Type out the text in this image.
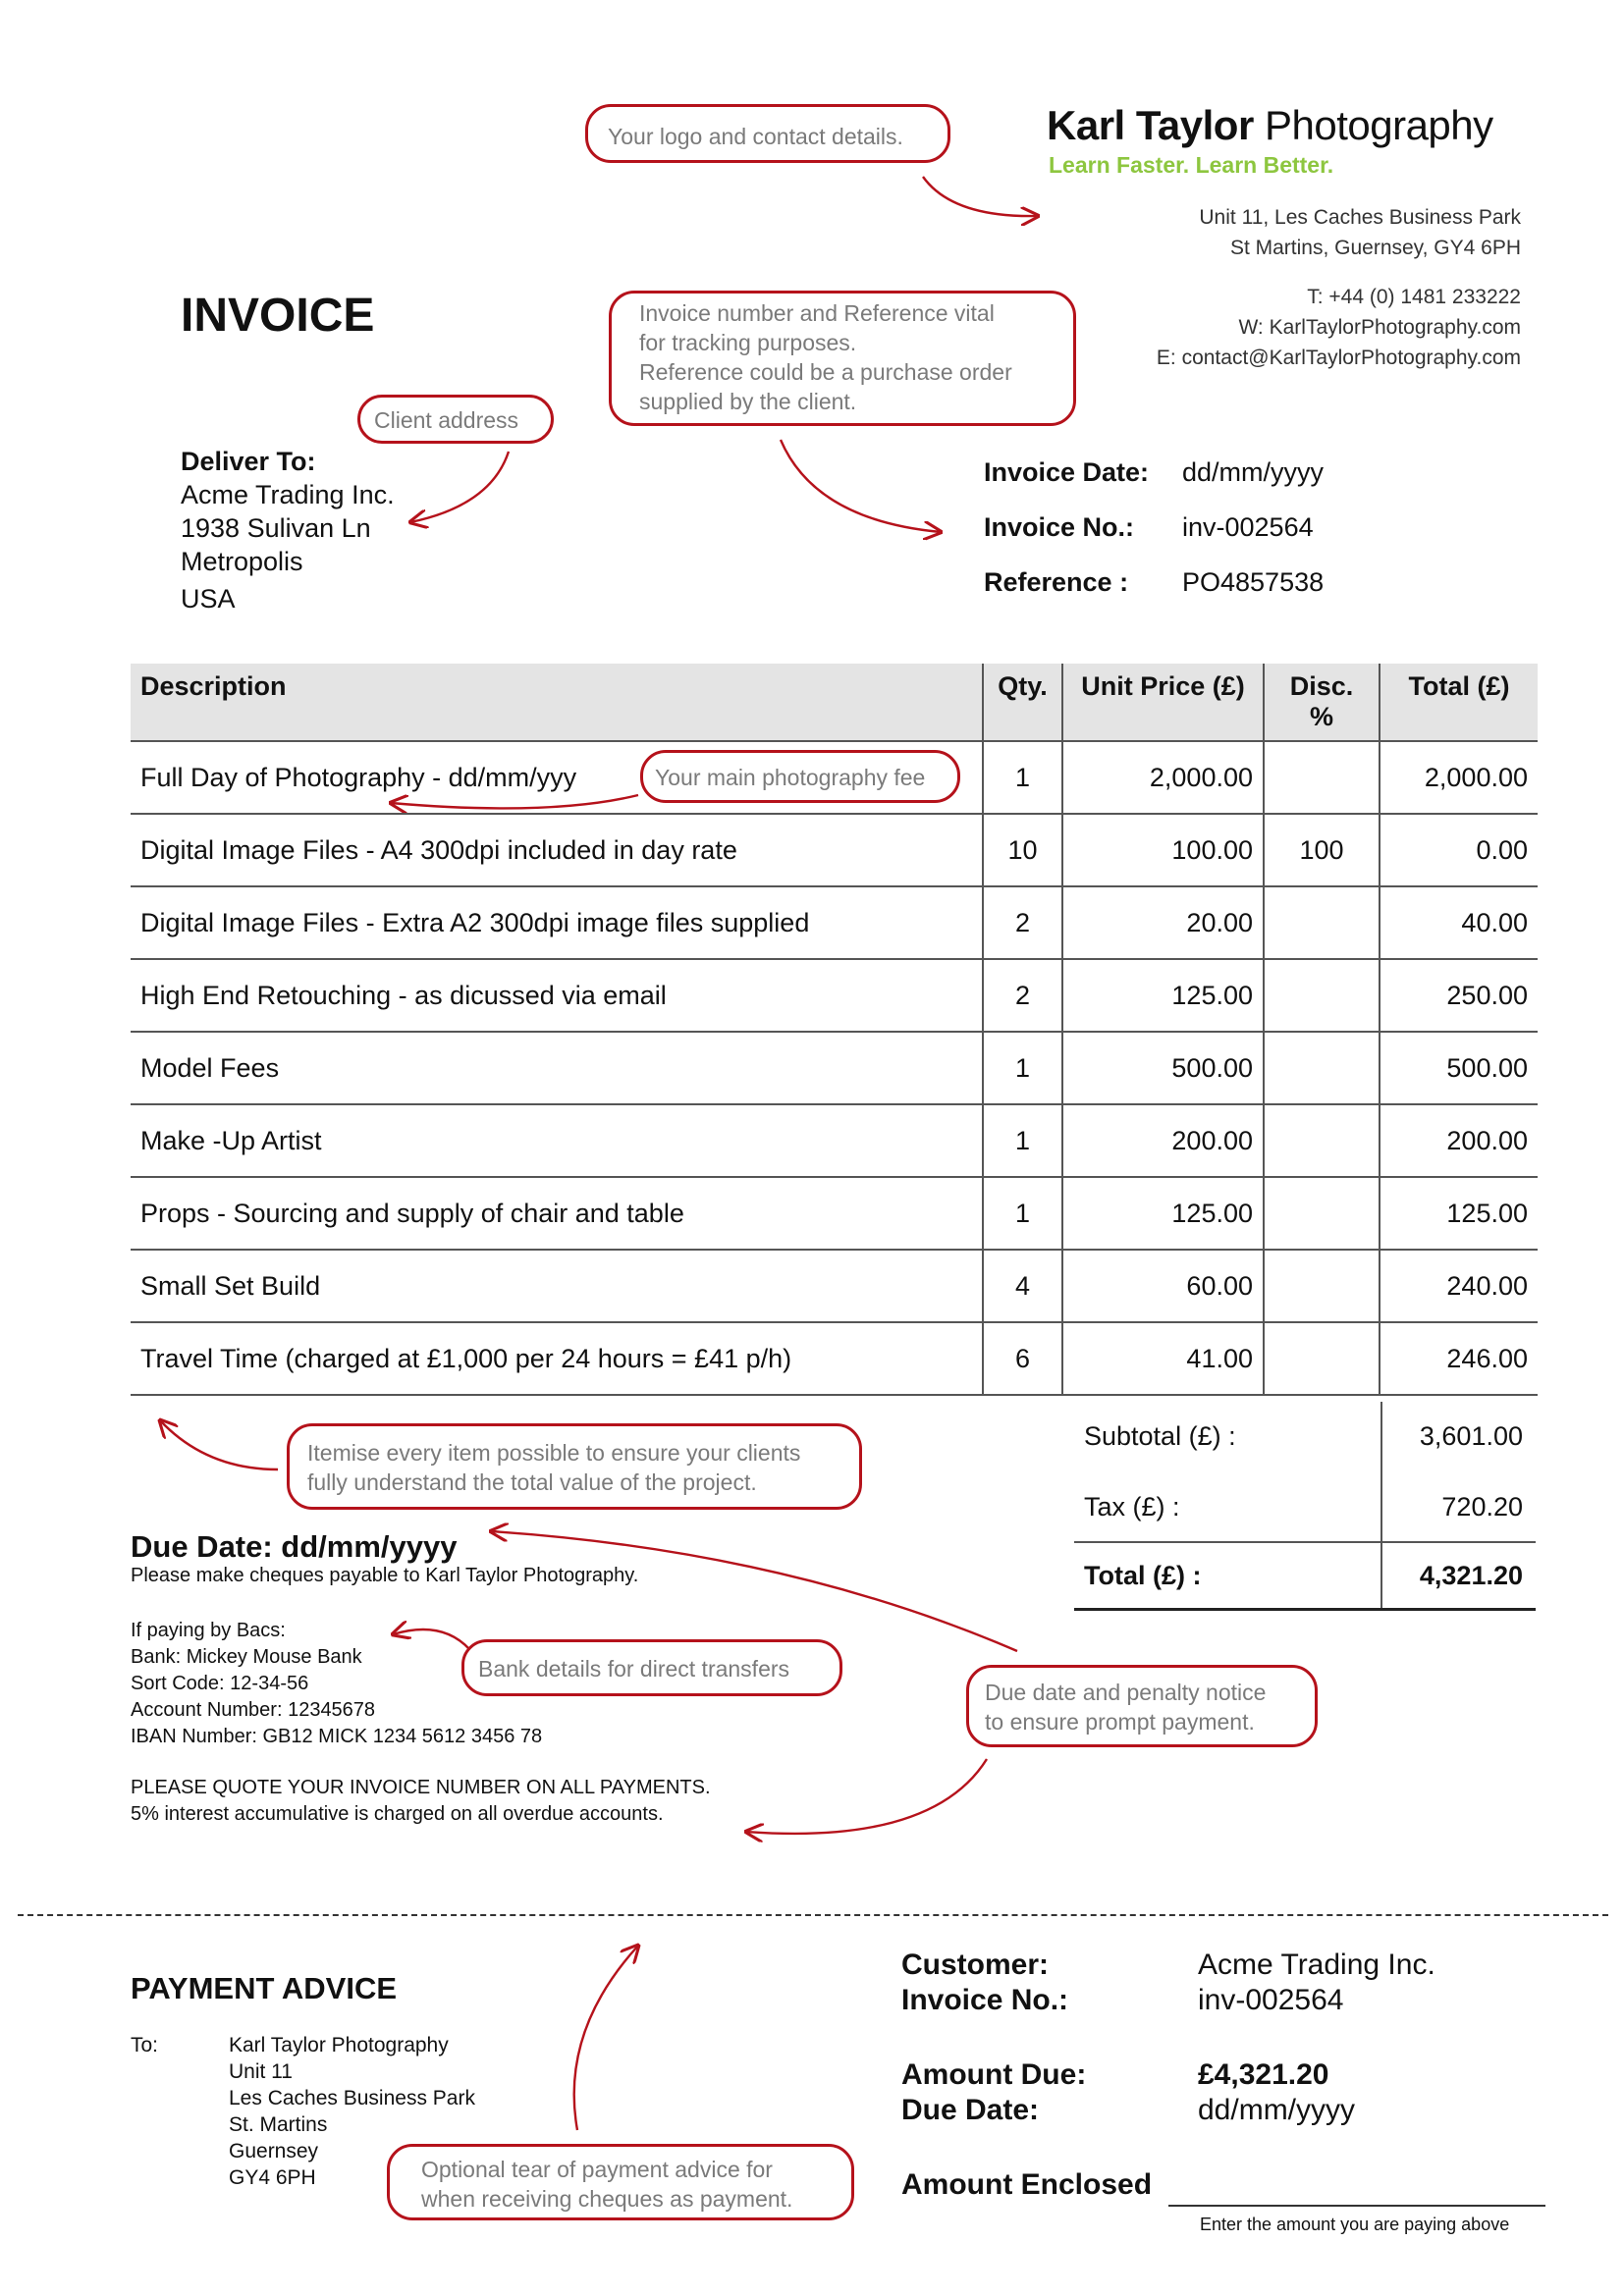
Karl Taylor Photography
Learn Faster. Learn Better.
Unit 11, Les Caches Business Park
St Martins, Guernsey, GY4 6PH
T: +44 (0) 1481 233222
W: KarlTaylorPhotography.com
E: contact@KarlTaylorPhotography.com
INVOICE
Deliver To:
Acme Trading Inc.
1938 Sulivan Ln
Metropolis
USA
Invoice Date: dd/mm/yyyy
Invoice No.: inv-002564
Reference : PO4857538
Description	Qty.	Unit Price (£)	Disc. %	Total (£)
Full Day of Photography - dd/mm/yyy	1	2,000.00		2,000.00
Digital Image Files - A4 300dpi included in day rate	10	100.00	100	0.00
Digital Image Files - Extra A2 300dpi image files supplied	2	20.00		40.00
High End Retouching - as dicussed via email	2	125.00		250.00
Model Fees	1	500.00		500.00
Make -Up Artist	1	200.00		200.00
Props - Sourcing and supply of chair and table	1	125.00		125.00
Small Set Build	4	60.00		240.00
Travel Time (charged at £1,000 per 24 hours = £41 p/h)	6	41.00		246.00
Subtotal (£) :	3,601.00
Tax (£) :	720.20
Total (£) :	4,321.20
Due Date: dd/mm/yyyy
Please make cheques payable to Karl Taylor Photography.
If paying by Bacs:
Bank: Mickey Mouse Bank
Sort Code: 12-34-56
Account Number: 12345678
IBAN Number: GB12 MICK 1234 5612 3456 78
PLEASE QUOTE YOUR INVOICE NUMBER ON ALL PAYMENTS.
5% interest accumulative is charged on all overdue accounts.
PAYMENT ADVICE
To:	Karl Taylor Photography
Unit 11
Les Caches Business Park
St. Martins
Guernsey
GY4 6PH
Customer:	Acme Trading Inc.
Invoice No.:	inv-002564
Amount Due:	£4,321.20
Due Date:	dd/mm/yyyy
Amount Enclosed
Enter the amount you are paying above
Your logo and contact details.
Invoice number and Reference vital
for tracking purposes.
Reference could be a purchase order
supplied by the client.
Client address
Your main photography fee
Itemise every item possible to ensure your clients
fully understand the total value of the project.
Bank details for direct transfers
Due date and penalty notice
to ensure prompt payment.
Optional tear of payment advice for
when receiving cheques as payment.
